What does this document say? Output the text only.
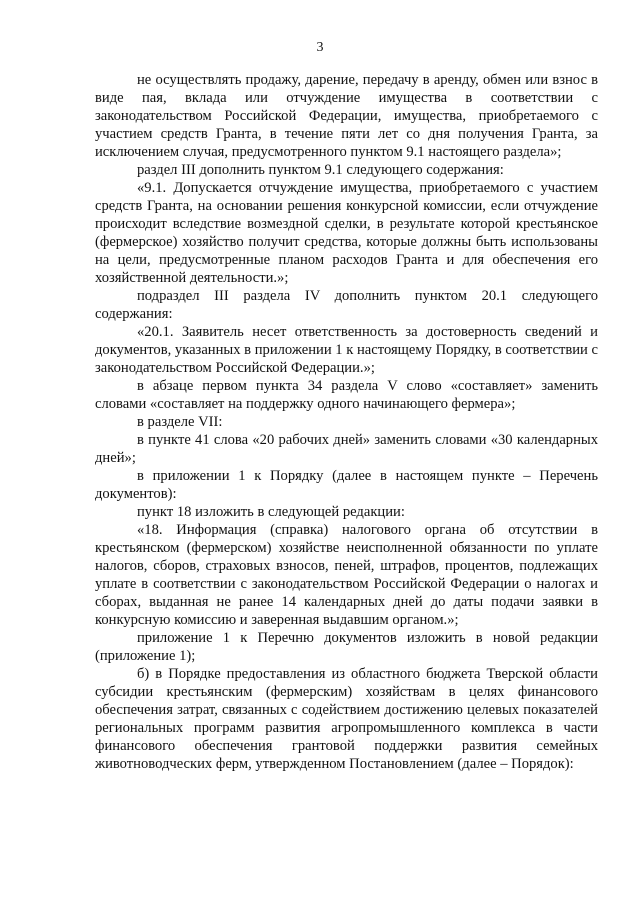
3

не осуществлять продажу, дарение, передачу в аренду, обмен или взнос в виде пая, вклада или отчуждение имущества в соответствии с законодательством Российской Федерации, имущества, приобретаемого с участием средств Гранта, в течение пяти лет со дня получения Гранта, за исключением случая, предусмотренного пунктом 9.1 настоящего раздела»;

раздел III дополнить пунктом 9.1 следующего содержания:

«9.1. Допускается отчуждение имущества, приобретаемого с участием средств Гранта, на основании решения конкурсной комиссии, если отчуждение происходит вследствие возмездной сделки, в результате которой крестьянское (фермерское) хозяйство получит средства, которые должны быть использованы на цели, предусмотренные планом расходов Гранта и для обеспечения его хозяйственной деятельности.»;

подраздел III раздела IV дополнить пунктом 20.1 следующего содержания:

«20.1. Заявитель несет ответственность за достоверность сведений и документов, указанных в приложении 1 к настоящему Порядку, в соответствии с законодательством Российской Федерации.»;

в абзаце первом пункта 34 раздела V слово «составляет» заменить словами «составляет на поддержку одного начинающего фермера»;

в разделе VII:

в пункте 41 слова «20 рабочих дней» заменить словами «30 календарных дней»;

в приложении 1 к Порядку (далее в настоящем пункте – Перечень документов):

пункт 18 изложить в следующей редакции:

«18. Информация (справка) налогового органа об отсутствии в крестьянском (фермерском) хозяйстве неисполненной обязанности по уплате налогов, сборов, страховых взносов, пеней, штрафов, процентов, подлежащих уплате в соответствии с законодательством Российской Федерации о налогах и сборах, выданная не ранее 14 календарных дней до даты подачи заявки в конкурсную комиссию и заверенная выдавшим органом.»;

приложение 1 к Перечню документов изложить в новой редакции (приложение 1);

б) в Порядке предоставления из областного бюджета Тверской области субсидии крестьянским (фермерским) хозяйствам в целях финансового обеспечения затрат, связанных с содействием достижению целевых показателей региональных программ развития агропромышленного комплекса в части финансового обеспечения грантовой поддержки развития семейных животноводческих ферм, утвержденном Постановлением (далее – Порядок):
